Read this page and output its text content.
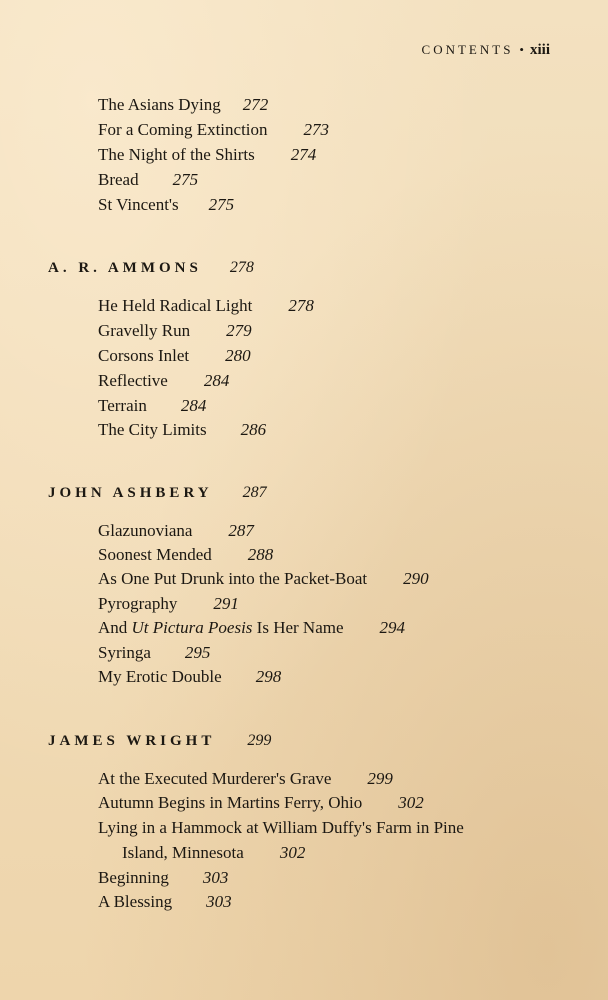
CONTENTS • xiii
The Asians Dying 272
For a Coming Extinction 273
The Night of the Shirts 274
Bread 275
St Vincent's 275
A. R. AMMONS 278
He Held Radical Light 278
Gravelly Run 279
Corsons Inlet 280
Reflective 284
Terrain 284
The City Limits 286
JOHN ASHBERY 287
Glazunoviana 287
Soonest Mended 288
As One Put Drunk into the Packet-Boat 290
Pyrography 291
And Ut Pictura Poesis Is Her Name 294
Syringa 295
My Erotic Double 298
JAMES WRIGHT 299
At the Executed Murderer's Grave 299
Autumn Begins in Martins Ferry, Ohio 302
Lying in a Hammock at William Duffy's Farm in Pine
Island, Minnesota 302
Beginning 303
A Blessing 303
